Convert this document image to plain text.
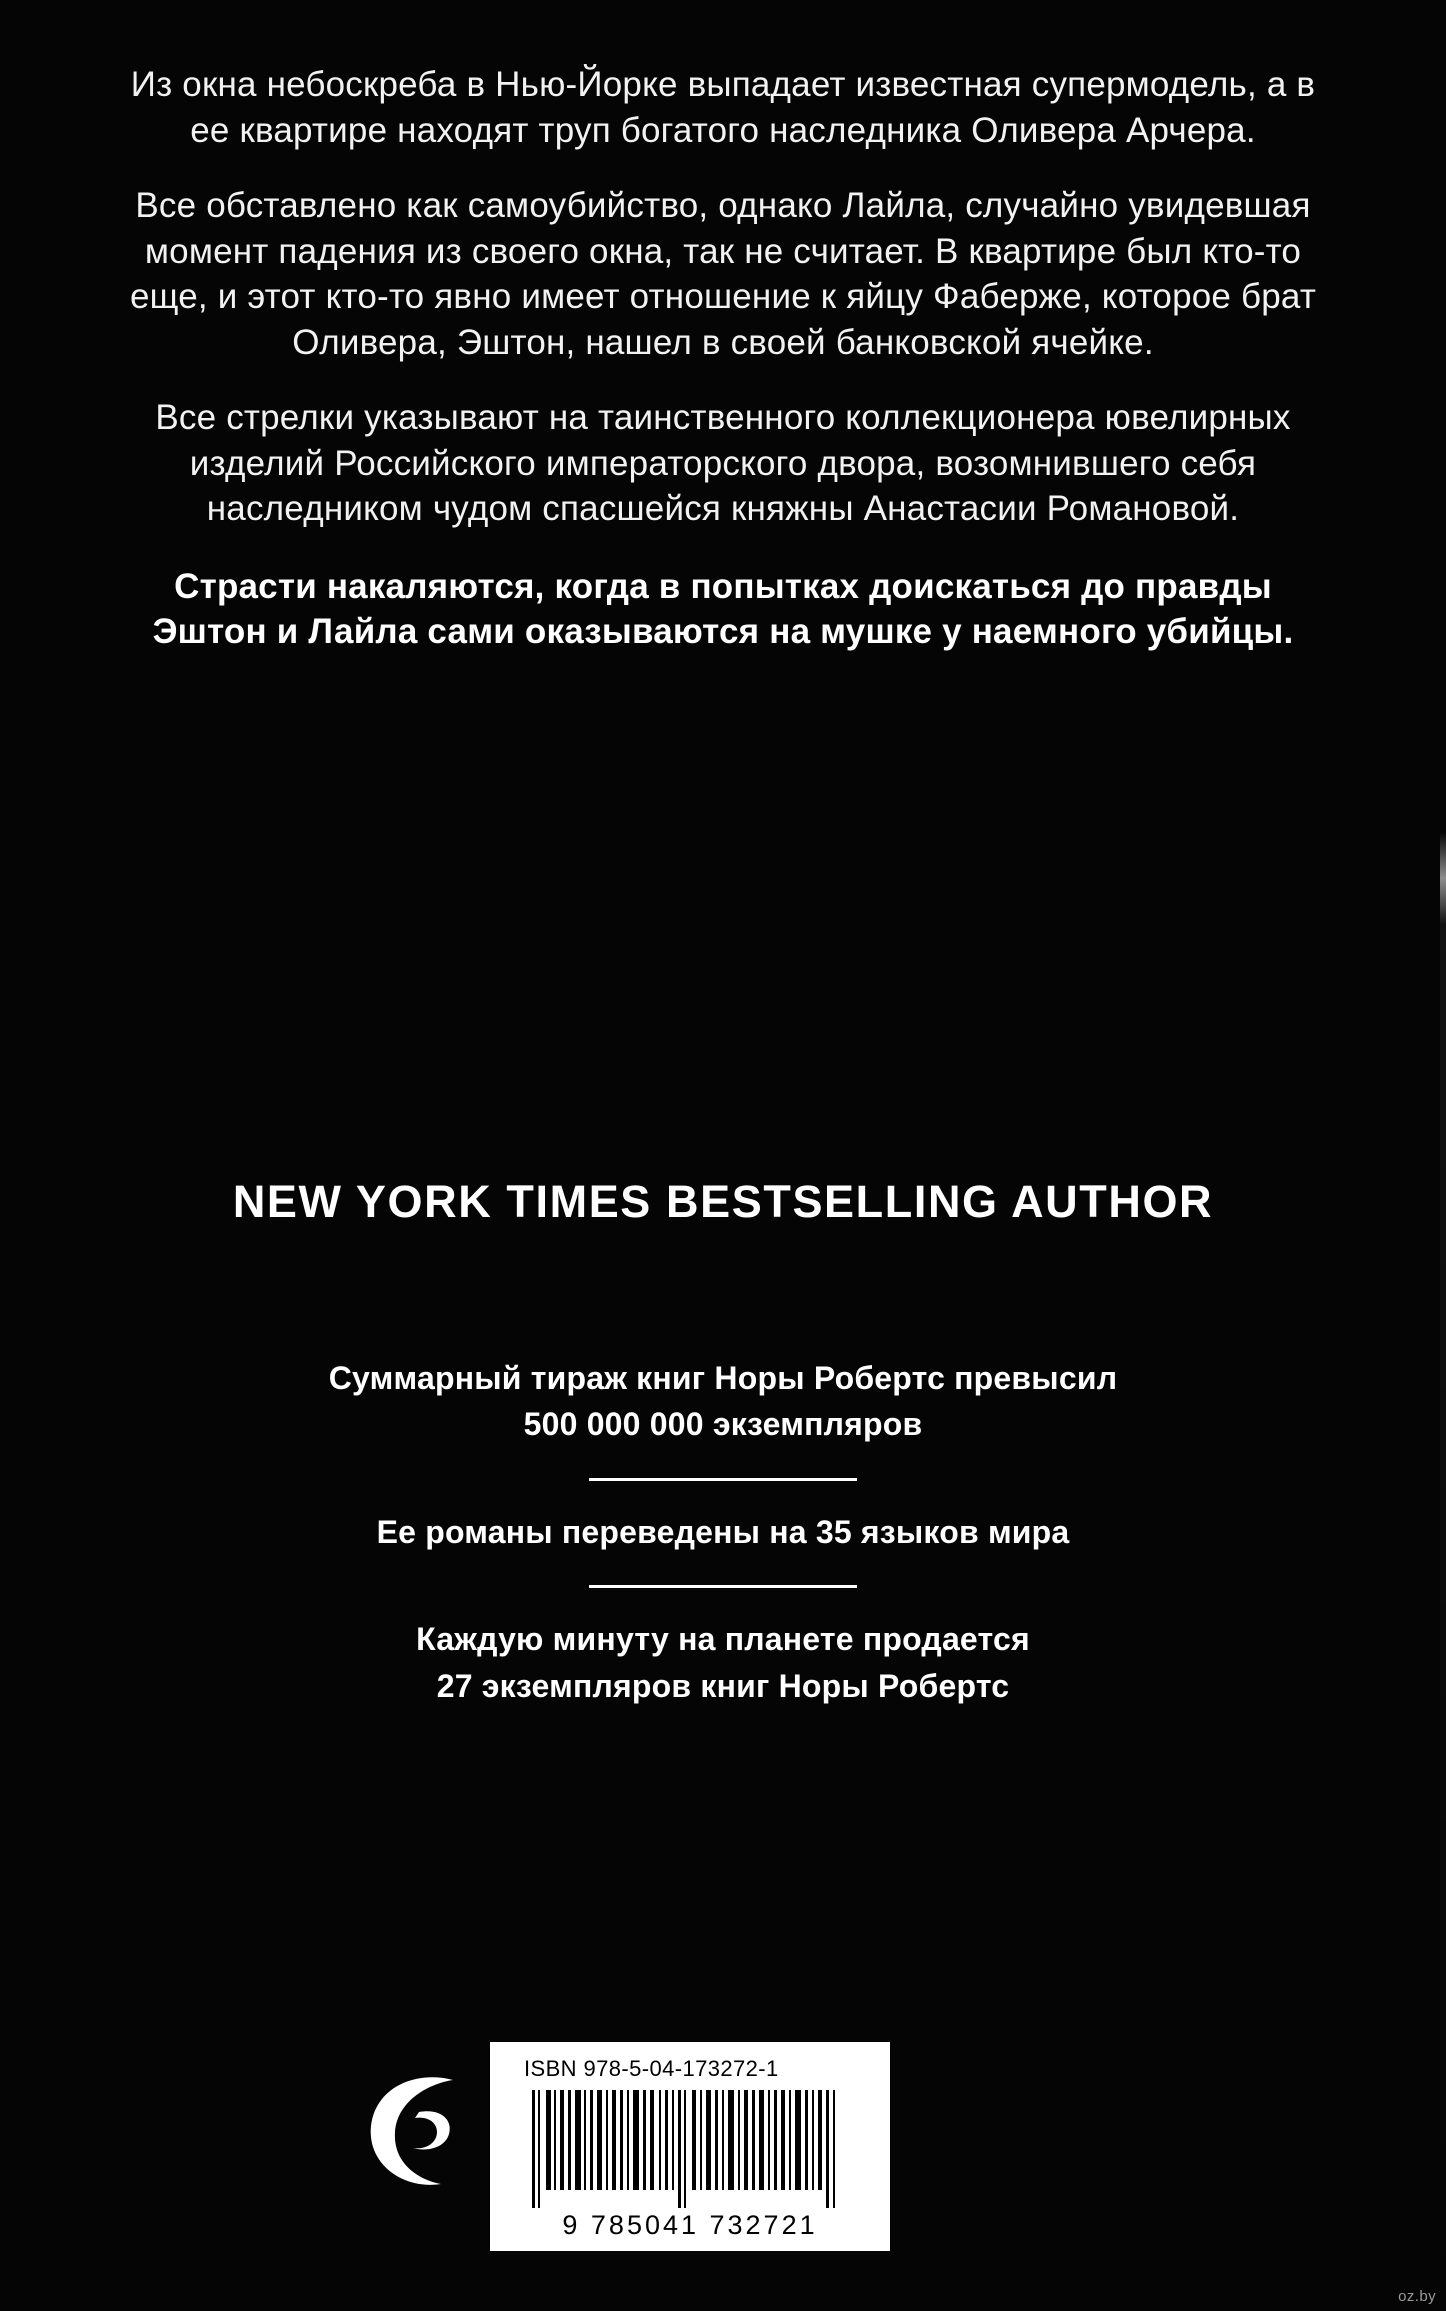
Из окна небоскреба в Нью-Йорке выпадает известная супермодель, а в ее квартире находят труп богатого наследника Оливера Арчера.

Все обставлено как самоубийство, однако Лайла, случайно увидевшая момент падения из своего окна, так не считает. В квартире был кто-то еще, и этот кто-то явно имеет отношение к яйцу Фаберже, которое брат Оливера, Эштон, нашел в своей банковской ячейке.

Все стрелки указывают на таинственного коллекционера ювелирных изделий Российского императорского двора, возомнившего себя наследником чудом спасшейся княжны Анастасии Романовой.

Страсти накаляются, когда в попытках доискаться до правды Эштон и Лайла сами оказываются на мушке у наемного убийцы.

NEW YORK TIMES BESTSELLING AUTHOR
Суммарный тираж книг Норы Робертс превысил
500 000 000 экземпляров
Ее романы переведены на 35 языков мира
Каждую минуту на планете продается
27 экземпляров книг Норы Робертс
ISBN 978-5-04-173272-1
9 785041 732721
oz.by
